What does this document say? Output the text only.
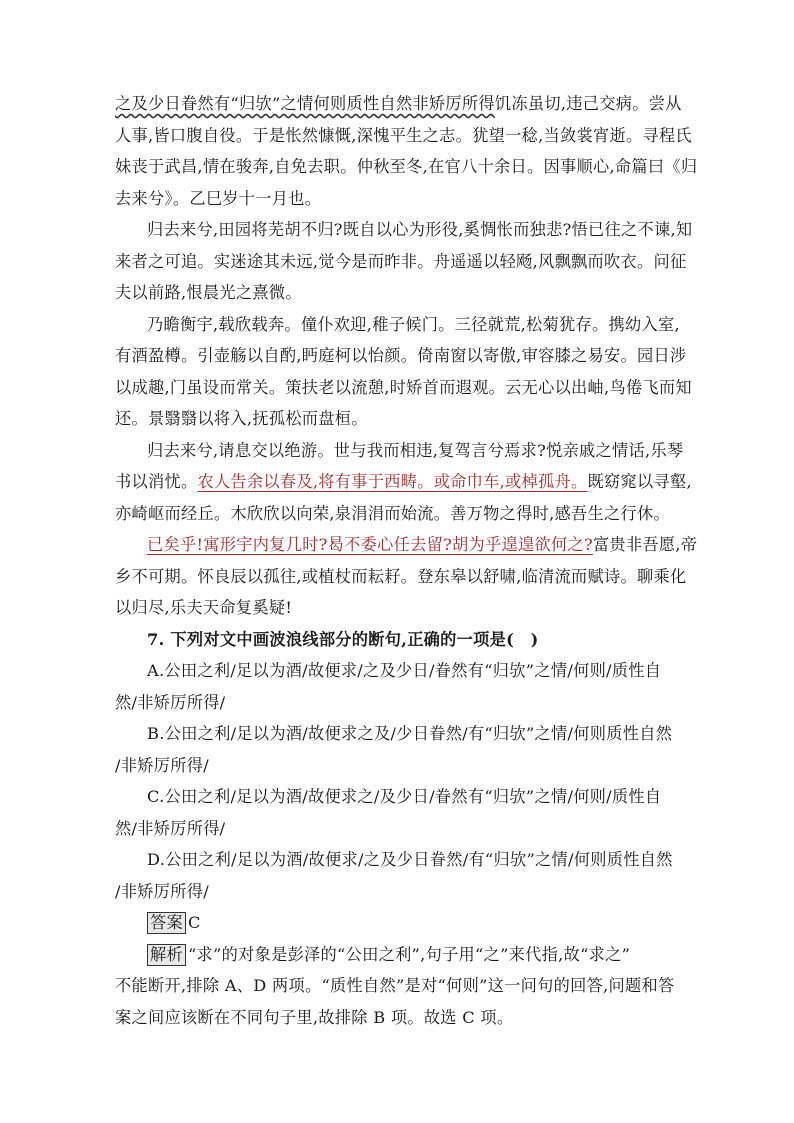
之及少日眷然有“归欤”之情何则质性自然非矫厉所得饥冻虽切,违己交病。尝从
人事,皆口腹自役。于是怅然慷慨,深愧平生之志。犹望一稔,当敛裳宵逝。寻程氏
妹丧于武昌,情在骏奔,自免去职。仲秋至冬,在官八十余日。因事顺心,命篇曰《归
去来兮》。乙巳岁十一月也。
归去来兮,田园将芜胡不归?既自以心为形役,奚惆怅而独悲?悟已往之不谏,知
来者之可追。实迷途其未远,觉今是而昨非。舟遥遥以轻飏,风飘飘而吹衣。问征
夫以前路,恨晨光之熹微。
乃瞻衡宇,载欣载奔。僮仆欢迎,稚子候门。三径就荒,松菊犹存。携幼入室,
有酒盈樽。引壶觞以自酌,眄庭柯以怡颜。倚南窗以寄傲,审容膝之易安。园日涉
以成趣,门虽设而常关。策扶老以流憩,时矫首而遐观。云无心以出岫,鸟倦飞而知
还。景翳翳以将入,抚孤松而盘桓。
归去来兮,请息交以绝游。世与我而相违,复驾言兮焉求?悦亲戚之情话,乐琴
书以消忧。农人告余以春及,将有事于西畴。或命巾车,或棹孤舟。既窈窕以寻壑,
亦崎岖而经丘。木欣欣以向荣,泉涓涓而始流。善万物之得时,感吾生之行休。
已矣乎!寓形宇内复几时?曷不委心任去留?胡为乎遑遑欲何之?富贵非吾愿,帝
乡不可期。怀良辰以孤往,或植杖而耘耔。登东皋以舒啸,临清流而赋诗。聊乘化
以归尽,乐夫天命复奚疑!
7. 下列对文中画波浪线部分的断句,正确的一项是(　)
A.公田之利/足以为酒/故便求/之及少日/眷然有“归欤”之情/何则/质性自
然/非矫厉所得/
B.公田之利/足以为酒/故便求之及/少日眷然/有“归欤”之情/何则质性自然
/非矫厉所得/
C.公田之利/足以为酒/故便求之/及少日/眷然有“归欤”之情/何则/质性自
然/非矫厉所得/
D.公田之利/足以为酒/故便求/之及少日眷然/有“归欤”之情/何则质性自然
/非矫厉所得/
答案 C
解析 “求”的对象是彭泽的“公田之利”,句子用“之”来代指,故“求之”
不能断开,排除 A、D 两项。“质性自然”是对“何则”这一问句的回答,问题和答
案之间应该断在不同句子里,故排除 B 项。故选 C 项。
